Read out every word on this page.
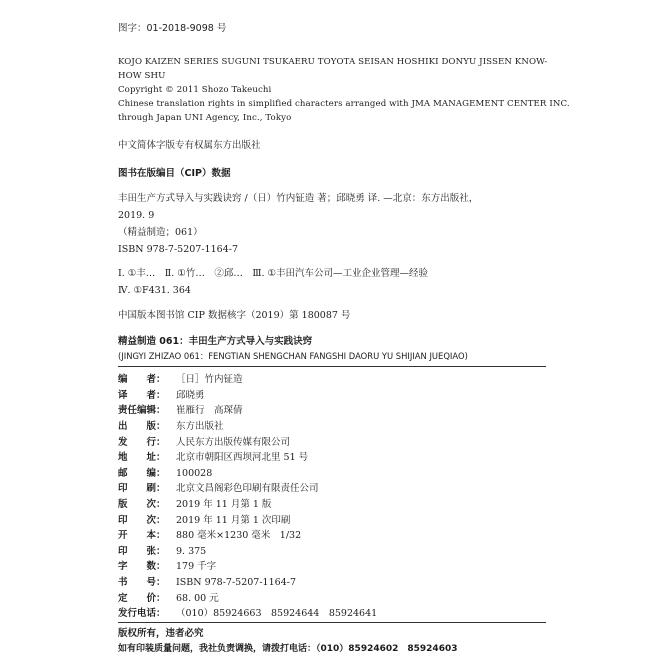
图字：01-2018-9098 号
KOJO KAIZEN SERIES SUGUNI TSUKAERU TOYOTA SEISAN HOSHIKI DONYU JISSEN KNOW-
HOW SHU
Copyright © 2011 Shozo Takeuchi
Chinese translation rights in simplified characters arranged with JMA MANAGEMENT CENTER INC.
through Japan UNI Agency, Inc., Tokyo
中文简体字版专有权属东方出版社
图书在版编目（CIP）数据
丰田生产方式导入与实践诀窍 /（日）竹内钲造 著；邱晓勇 译. —北京：东方出版社，
2019. 9
（精益制造；061）
ISBN 978-7-5207-1164-7
Ⅰ. ①丰…　Ⅱ. ①竹…　②邱…　Ⅲ. ①丰田汽车公司—工业企业管理—经验
Ⅳ. ①F431. 364
中国版本图书馆 CIP 数据核字（2019）第 180087 号
精益制造 061：丰田生产方式导入与实践诀窍
(JINGYI ZHIZAO 061：FENGTIAN SHENGCHAN FANGSHI DAORU YU SHIJIAN JUEQIAO)
编　　者： ［日］竹内钲造
译　　者： 邱晓勇
责任编辑： 崔雁行　高琛倩
出　　版： 东方出版社
发　　行： 人民东方出版传媒有限公司
地　　址： 北京市朝阳区西坝河北里 51 号
邮　　编： 100028
印　　刷： 北京文昌阁彩色印刷有限责任公司
版　　次： 2019 年 11 月第 1 版
印　　次： 2019 年 11 月第 1 次印刷
开　　本： 880 毫米×1230 毫米　1/32
印　　张： 9. 375
字　　数： 179 千字
书　　号： ISBN 978-7-5207-1164-7
定　　价： 68. 00 元
发行电话： （010）85924663　85924644　85924641
版权所有，违者必究
如有印装质量问题，我社负责调换，请拨打电话：（010）85924602　85924603
